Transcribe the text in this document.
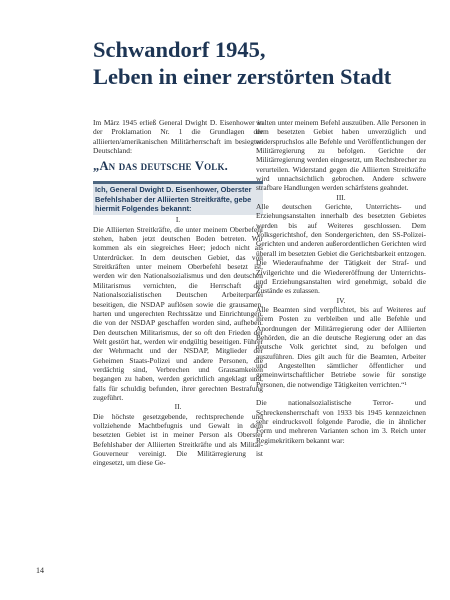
Schwandorf 1945,
Leben in einer zerstörten Stadt

Im März 1945 erließ General Dwight D. Eisenhower in der Proklamation Nr. 1 die Grundlagen der alliierten/amerikanischen Militärherrschaft im besiegten Deutschland:

„An das deutsche Volk.
Ich, General Dwight D. Eisenhower, Oberster Befehlshaber der Alliierten Streitkräfte, gebe hiermit Folgendes bekannt:

I.

Die Alliierten Streitkräfte, die unter meinem Oberbefehl stehen, haben jetzt deutschen Boden betreten. Wir kommen als ein siegreiches Heer; jedoch nicht als Unterdrücker. In dem deutschen Gebiet, das von Streitkräften unter meinem Oberbefehl besetzt ist, werden wir den Nationalsozialismus und den deutschen Militarismus vernichten, die Herrschaft der Nationalsozialistischen Deutschen Arbeiterpartei beseitigen, die NSDAP auflösen sowie die grausamen, harten und ungerechten Rechtssätze und Einrichtungen, die von der NSDAP geschaffen worden sind, aufheben. Den deutschen Militarismus, der so oft den Frieden der Welt gestört hat, werden wir endgültig beseitigen. Führer der Wehrmacht und der NSDAP, Mitglieder der Geheimen Staats-Polizei und andere Personen, die verdächtig sind, Verbrechen und Grausamkeiten begangen zu haben, werden gerichtlich angeklagt und, falls für schuldig befunden, ihrer gerechten Bestrafung zugeführt.

II.

Die höchste gesetzgebende, rechtsprechende und vollziehende Machtbefugnis und Gewalt in dem besetzten Gebiet ist in meiner Person als Oberster Befehlshaber der Alliierten Streitkräfte und als Militär-Gouverneur vereinigt. Die Militärregierung ist eingesetzt, um diese Ge-

walten unter meinem Befehl auszuüben. Alle Personen in dem besetzten Gebiet haben unverzüglich und widerspruchslos alle Befehle und Veröffentlichungen der Militärregierung zu befolgen. Gerichte der Militärregierung werden eingesetzt, um Rechtsbrecher zu verurteilen. Widerstand gegen die Alliierten Streitkräfte wird unnachsichtlich gebrochen. Andere schwere strafbare Handlungen werden schärfstens geahndet.

III.

Alle deutschen Gerichte, Unterrichts- und Erziehungsanstalten innerhalb des besetzten Gebietes werden bis auf Weiteres geschlossen. Dem Volksgerichtshof, den Sondergerichten, den SS-Polizei-Gerichten und anderen außerordentlichen Gerichten wird überall im besetzten Gebiet die Gerichtsbarkeit entzogen. Die Wiederaufnahme der Tätigkeit der Straf- und Zivilgerichte und die Wiedereröffnung der Unterrichts- und Erziehungsanstalten wird genehmigt, sobald die Zustände es zulassen.

IV.

Alle Beamten sind verpflichtet, bis auf Weiteres auf ihrem Posten zu verbleiben und alle Befehle und Anordnungen der Militärregierung oder der Alliierten Behörden, die an die deutsche Regierung oder an das deutsche Volk gerichtet sind, zu befolgen und auszuführen. Dies gilt auch für die Beamten, Arbeiter und Angestellten sämtlicher öffentlicher und gemeinwirtschaftlicher Betriebe sowie für sonstige Personen, die notwendige Tätigkeiten verrichten.“¹

Die nationalsozialistische Terror- und Schreckensherrschaft von 1933 bis 1945 kennzeichnen sehr eindrucksvoll folgende Parodie, die in ähnlicher Form und mehreren Varianten schon im 3. Reich unter Regimekritikern bekannt war:

14
